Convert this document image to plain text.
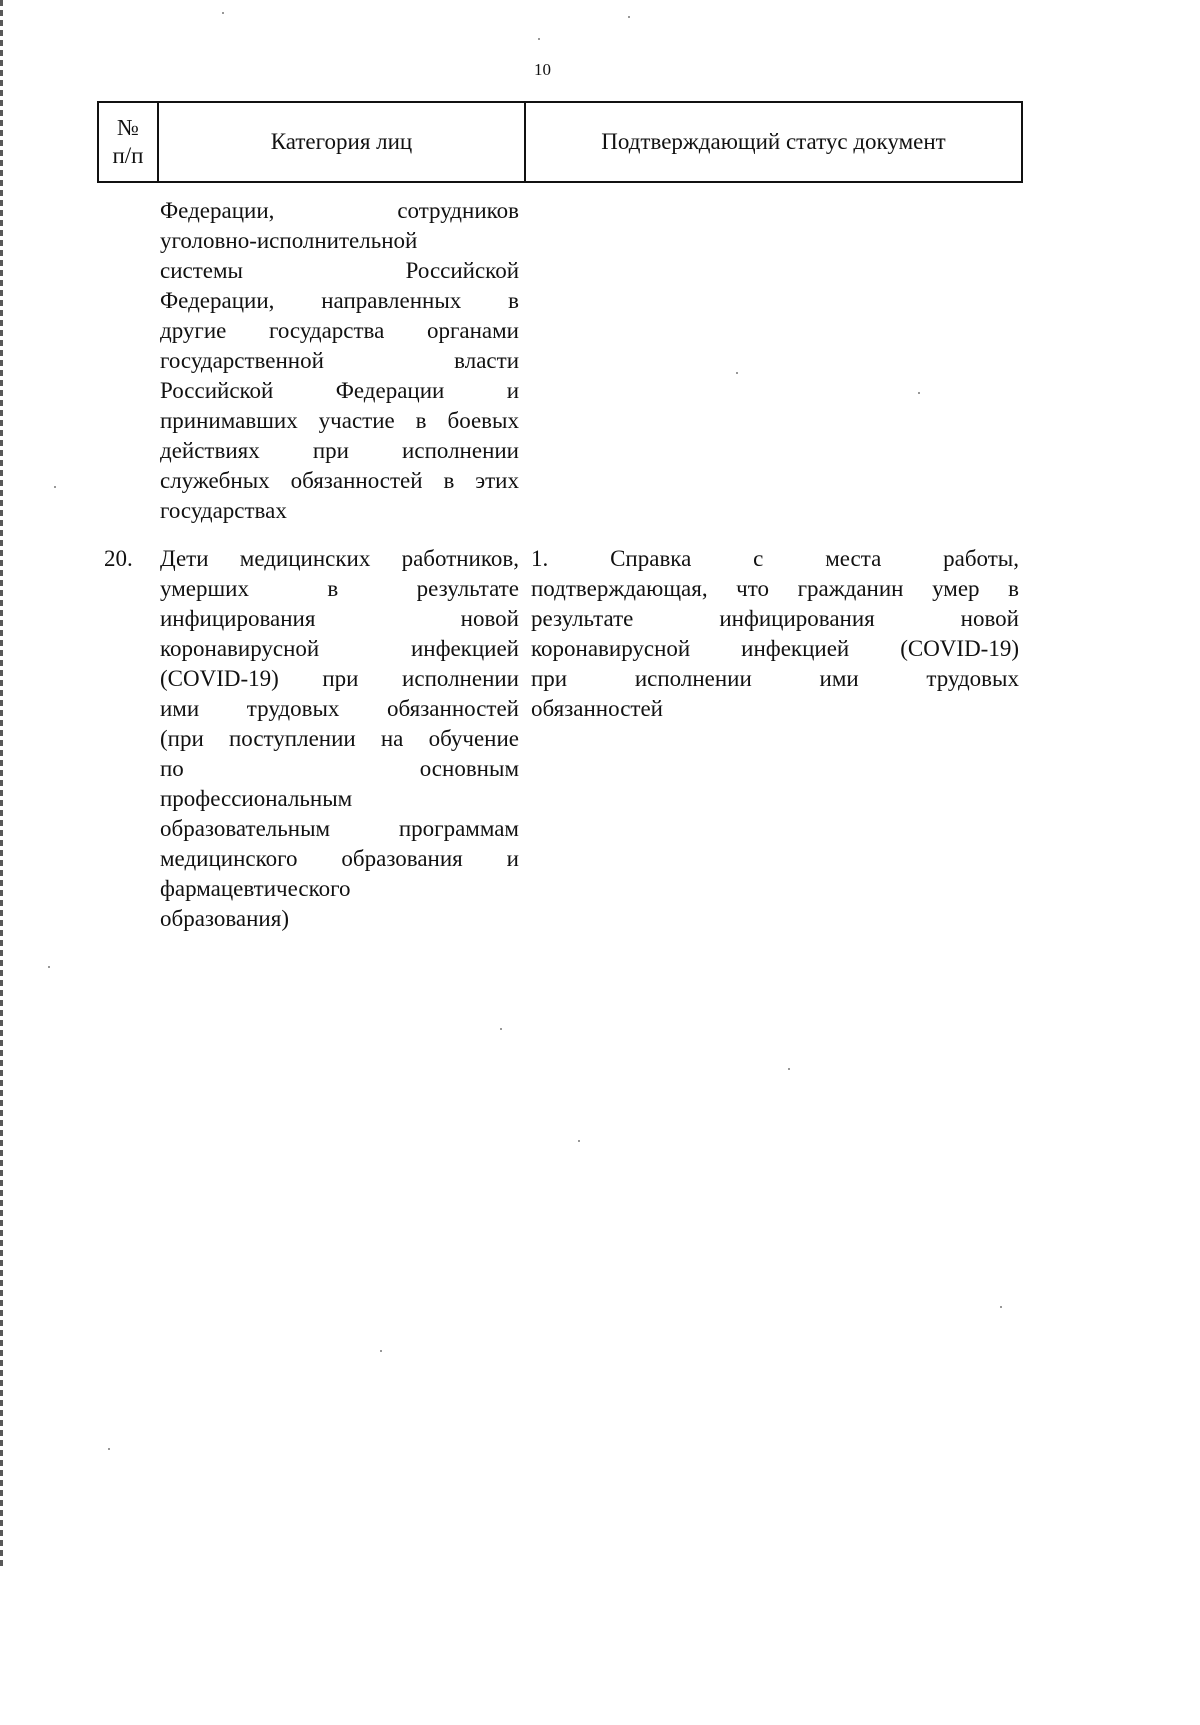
10
№
п/п
Категория лиц	Подтверждающий статус документ
Федерации, сотрудников
уголовно-исполнительной
системы Российской
Федерации, направленных в
другие государства органами
государственной власти
Российской Федерации и
принимавших участие в боевых
действиях при исполнении
служебных обязанностей в этих
государствах
20. Дети медицинских работников,
умерших в результате
инфицирования новой
коронавирусной инфекцией
(COVID-19) при исполнении
ими трудовых обязанностей
(при поступлении на обучение
по основным
профессиональным
образовательным программам
медицинского образования и
фармацевтического
образования)
1. Справка с места работы,
подтверждающая, что гражданин умер в
результате инфицирования новой
коронавирусной инфекцией (COVID-19)
при исполнении ими трудовых
обязанностей
